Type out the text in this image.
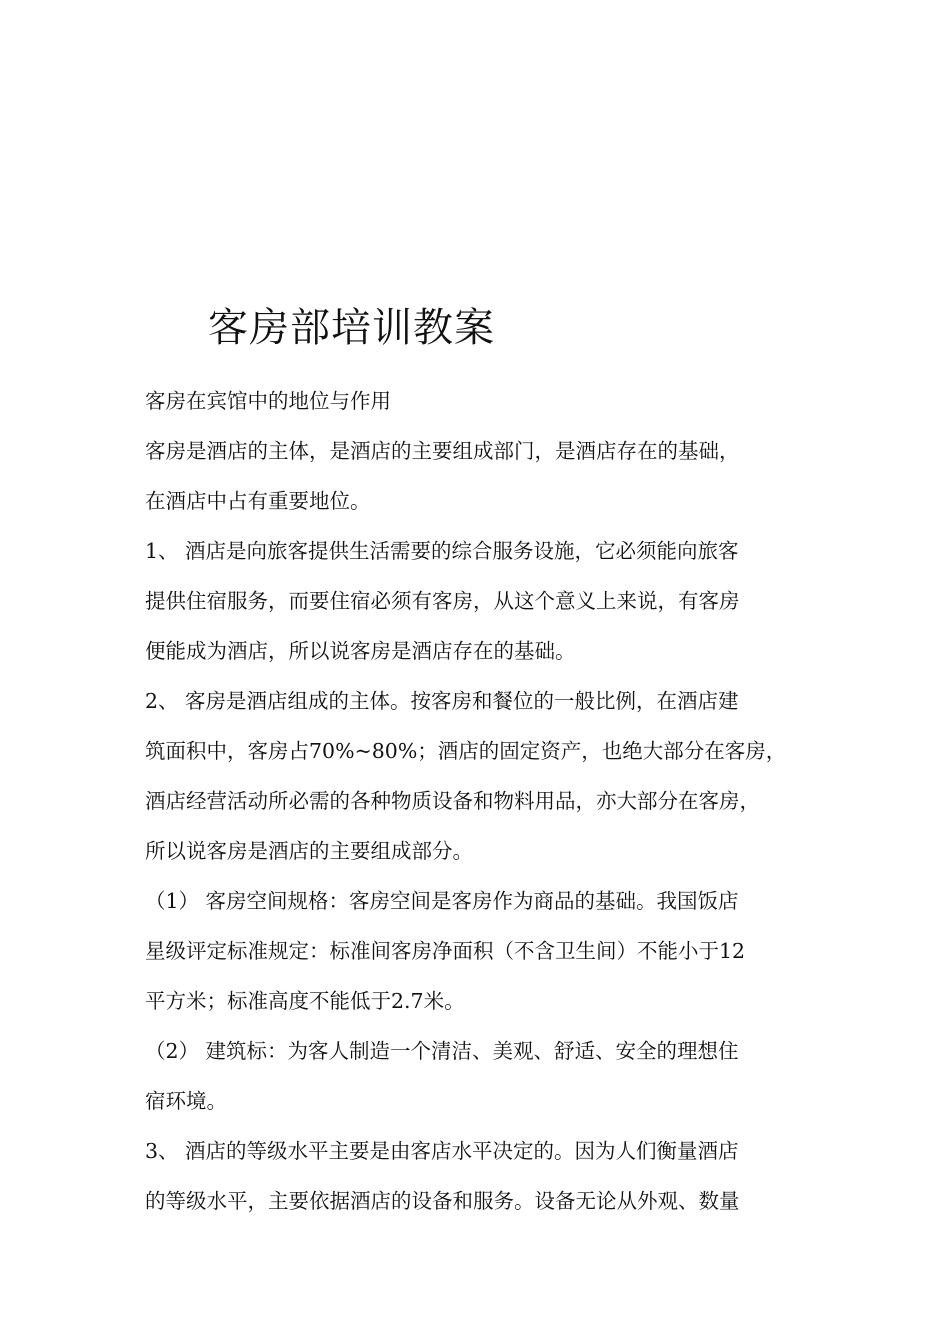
客房部培训教案

客房在宾馆中的地位与作用

客房是酒店的主体，是酒店的主要组成部门，是酒店存在的基础，

在酒店中占有重要地位。

1、 酒店是向旅客提供生活需要的综合服务设施，它必须能向旅客

提供住宿服务，而要住宿必须有客房，从这个意义上来说，有客房

便能成为酒店，所以说客房是酒店存在的基础。

2、 客房是酒店组成的主体。按客房和餐位的一般比例，在酒店建

筑面积中，客房占70%~80%；酒店的固定资产，也绝大部分在客房，

酒店经营活动所必需的各种物质设备和物料用品，亦大部分在客房，

所以说客房是酒店的主要组成部分。

（1） 客房空间规格：客房空间是客房作为商品的基础。我国饭店

星级评定标准规定：标准间客房净面积（不含卫生间）不能小于12

平方米；标准高度不能低于2.7米。

（2） 建筑标：为客人制造一个清洁、美观、舒适、安全的理想住

宿环境。

3、 酒店的等级水平主要是由客店水平决定的。因为人们衡量酒店

的等级水平，主要依据酒店的设备和服务。设备无论从外观、数量
